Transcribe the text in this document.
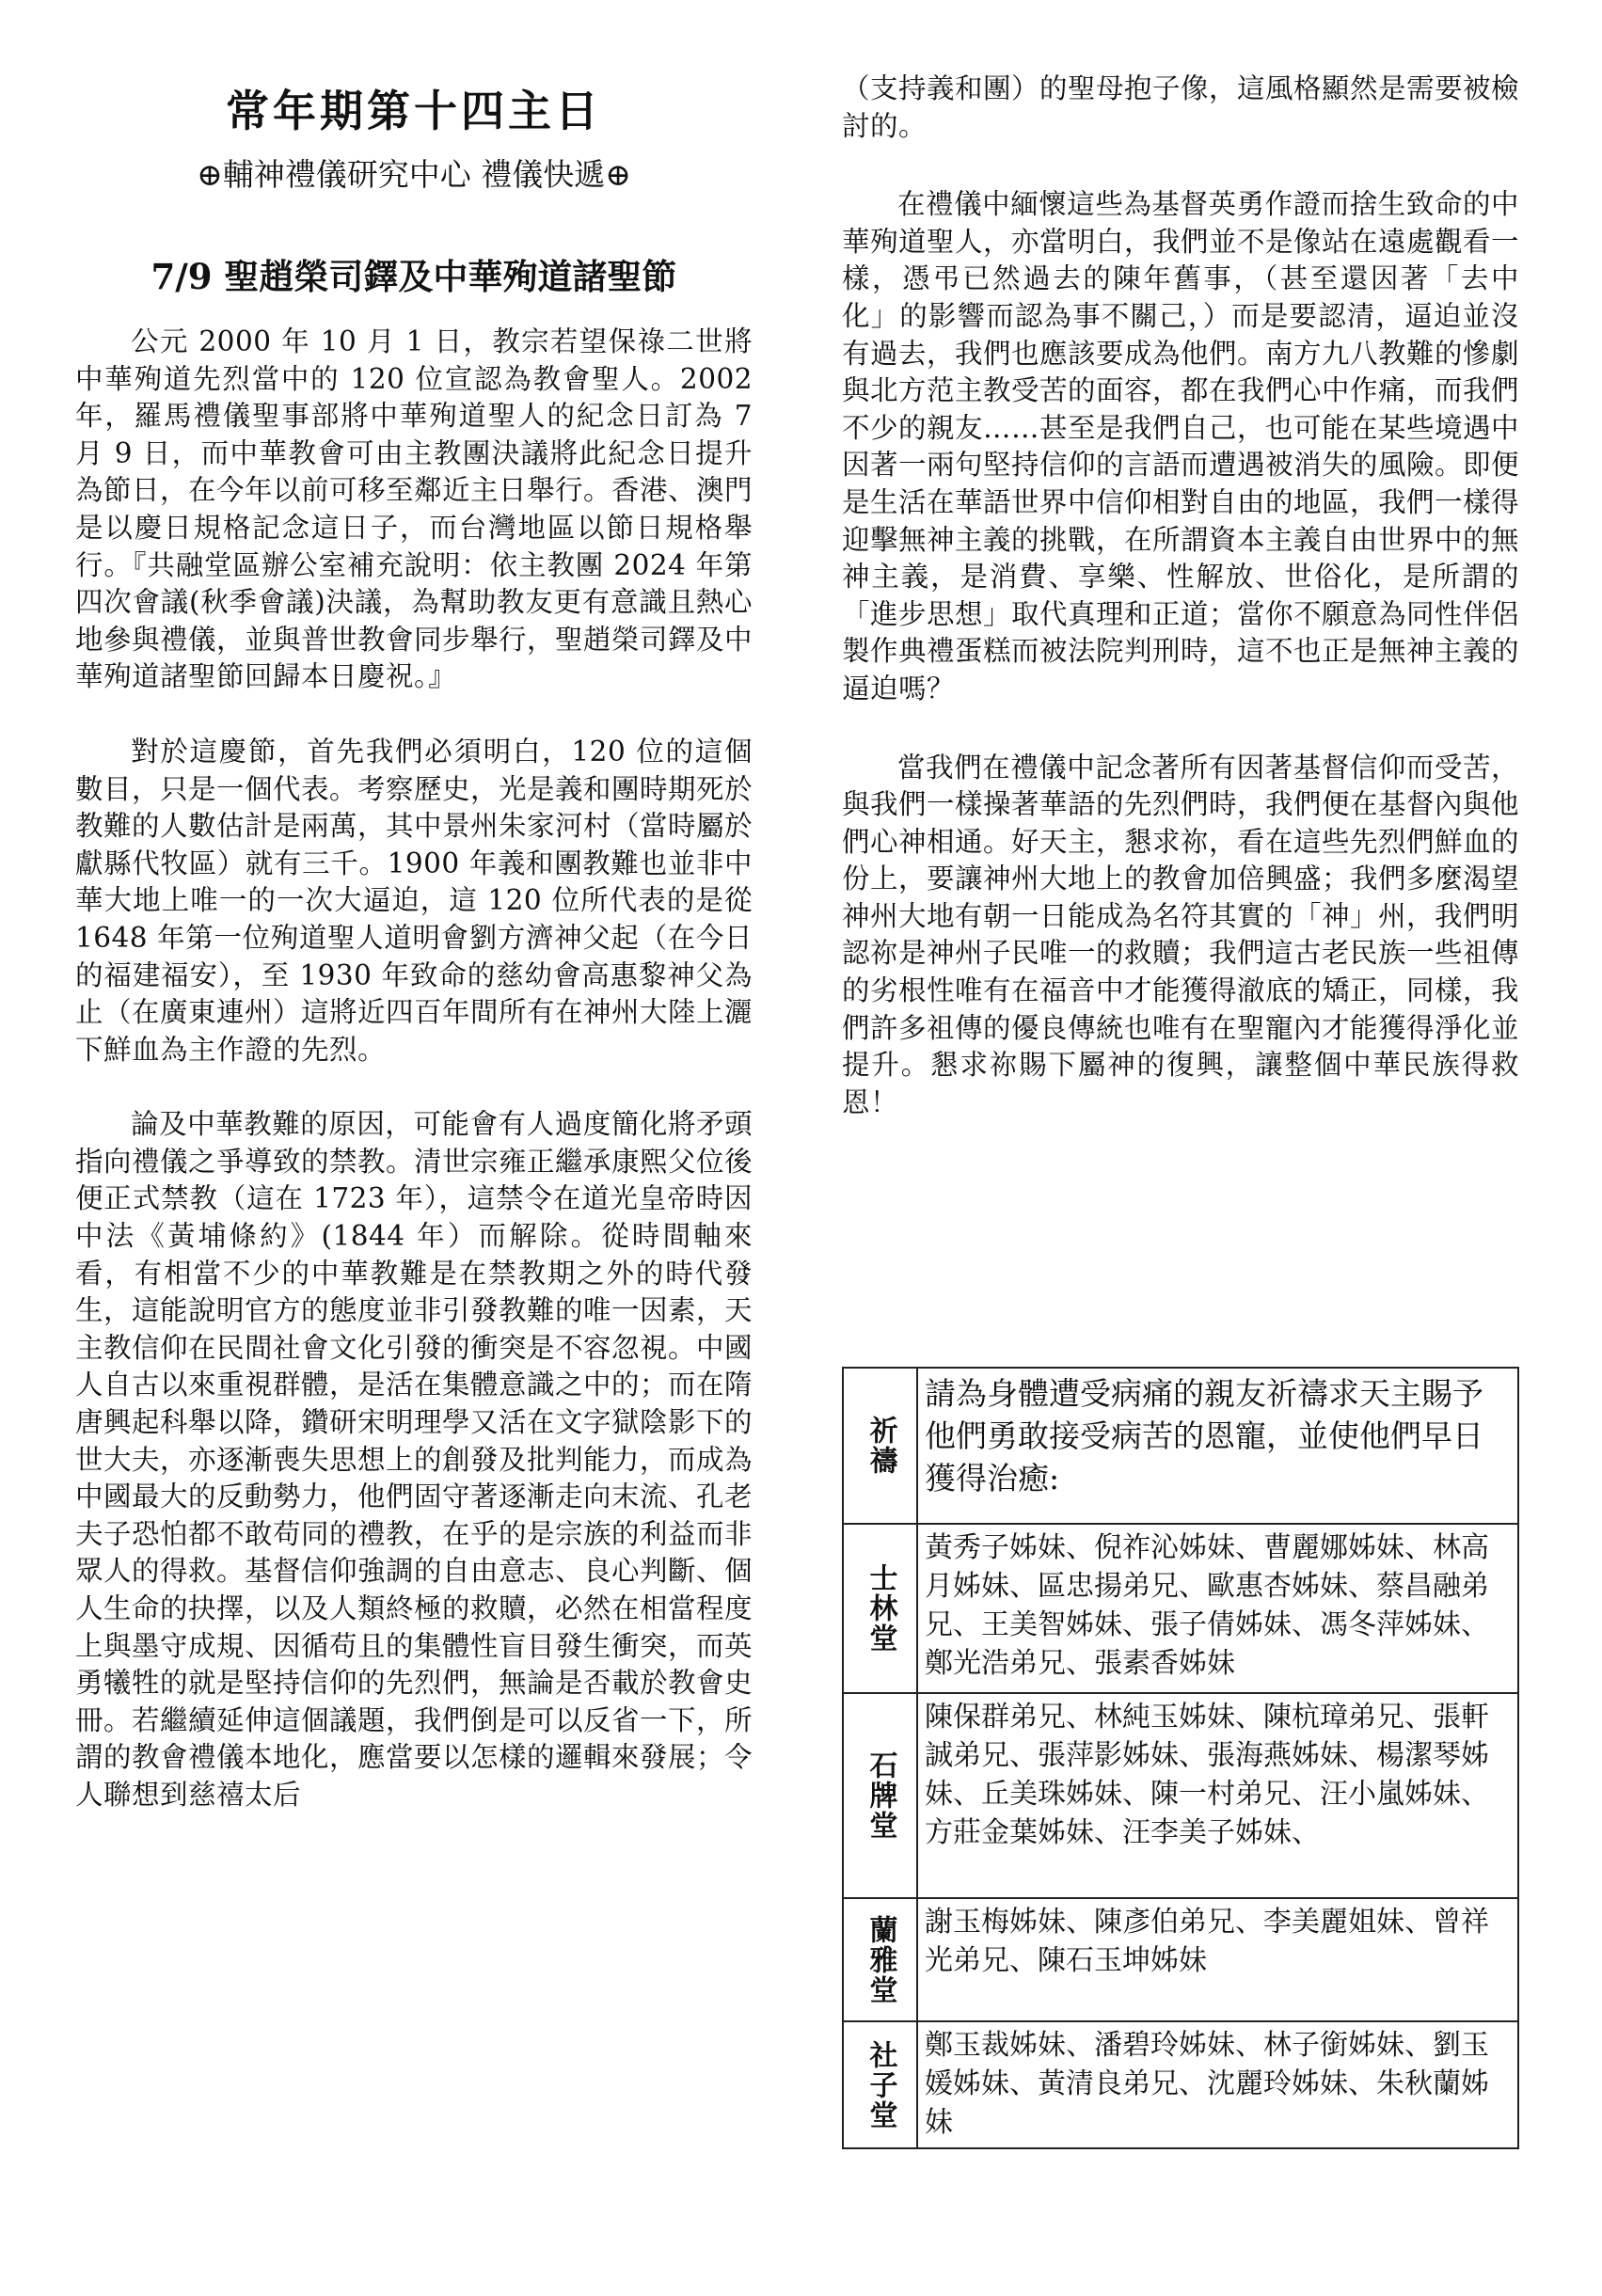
常年期第十四主日
⊕輔神禮儀研究中心 禮儀快遞⊕
7/9 聖趙榮司鐸及中華殉道諸聖節

公元 2000 年 10 月 1 日，教宗若望保祿二世將中華殉道先烈當中的 120 位宣認為教會聖人。2002 年，羅馬禮儀聖事部將中華殉道聖人的紀念日訂為 7 月 9 日，而中華教會可由主教團決議將此紀念日提升為節日，在今年以前可移至鄰近主日舉行。香港、澳門是以慶日規格記念這日子，而台灣地區以節日規格舉行。『共融堂區辦公室補充說明：依主教團 2024 年第四次會議(秋季會議)決議，為幫助教友更有意識且熱心地參與禮儀，並與普世教會同步舉行，聖趙榮司鐸及中華殉道諸聖節回歸本日慶祝。』

對於這慶節，首先我們必須明白，120 位的這個數目，只是一個代表。考察歷史，光是義和團時期死於教難的人數估計是兩萬，其中景州朱家河村（當時屬於獻縣代牧區）就有三千。1900 年義和團教難也並非中華大地上唯一的一次大逼迫，這 120 位所代表的是從 1648 年第一位殉道聖人道明會劉方濟神父起（在今日的福建福安），至 1930 年致命的慈幼會高惠黎神父為止（在廣東連州）這將近四百年間所有在神州大陸上灑下鮮血為主作證的先烈。

論及中華教難的原因，可能會有人過度簡化將矛頭指向禮儀之爭導致的禁教。清世宗雍正繼承康熙父位後便正式禁教（這在 1723 年），這禁令在道光皇帝時因中法《黃埔條約》(1844 年）而解除。從時間軸來看，有相當不少的中華教難是在禁教期之外的時代發生，這能說明官方的態度並非引發教難的唯一因素，天主教信仰在民間社會文化引發的衝突是不容忽視。中國人自古以來重視群體，是活在集體意識之中的；而在隋唐興起科舉以降，鑽研宋明理學又活在文字獄陰影下的世大夫，亦逐漸喪失思想上的創發及批判能力，而成為中國最大的反動勢力，他們固守著逐漸走向末流、孔老夫子恐怕都不敢苟同的禮教，在乎的是宗族的利益而非眾人的得救。基督信仰強調的自由意志、良心判斷、個人生命的抉擇，以及人類終極的救贖，必然在相當程度上與墨守成規、因循苟且的集體性盲目發生衝突，而英勇犧牲的就是堅持信仰的先烈們，無論是否載於教會史冊。若繼續延伸這個議題，我們倒是可以反省一下，所謂的教會禮儀本地化，應當要以怎樣的邏輯來發展；令人聯想到慈禧太后

（支持義和團）的聖母抱子像，這風格顯然是需要被檢討的。

在禮儀中緬懷這些為基督英勇作證而捨生致命的中華殉道聖人，亦當明白，我們並不是像站在遠處觀看一樣，憑弔已然過去的陳年舊事，（甚至還因著「去中化」的影響而認為事不關己，）而是要認清，逼迫並沒有過去，我們也應該要成為他們。南方九八教難的慘劇與北方范主教受苦的面容，都在我們心中作痛，而我們不少的親友……甚至是我們自己，也可能在某些境遇中因著一兩句堅持信仰的言語而遭遇被消失的風險。即便是生活在華語世界中信仰相對自由的地區，我們一樣得迎擊無神主義的挑戰，在所謂資本主義自由世界中的無神主義，是消費、享樂、性解放、世俗化，是所謂的「進步思想」取代真理和正道；當你不願意為同性伴侶製作典禮蛋糕而被法院判刑時，這不也正是無神主義的逼迫嗎？

當我們在禮儀中記念著所有因著基督信仰而受苦，與我們一樣操著華語的先烈們時，我們便在基督內與他們心神相通。好天主，懇求祢，看在這些先烈們鮮血的份上，要讓神州大地上的教會加倍興盛；我們多麼渴望神州大地有朝一日能成為名符其實的「神」州，我們明認祢是神州子民唯一的救贖；我們這古老民族一些祖傳的劣根性唯有在福音中才能獲得澈底的矯正，同樣，我們許多祖傳的優良傳統也唯有在聖寵內才能獲得淨化並提升。懇求祢賜下屬神的復興，讓整個中華民族得救恩！

祈禱
請為身體遭受病痛的親友祈禱求天主賜予他們勇敢接受病苦的恩寵，並使他們早日獲得治癒:
士林堂
黃秀子姊妹、倪祚沁姊妹、曹麗娜姊妹、林高月姊妹、區忠揚弟兄、歐惠杏姊妹、蔡昌融弟兄、王美智姊妹、張子倩姊妹、馮冬萍姊妹、鄭光浩弟兄、張素香姊妹
石牌堂
陳保群弟兄、林純玉姊妹、陳杭璋弟兄、張軒誠弟兄、張萍影姊妹、張海燕姊妹、楊潔琴姊妹、丘美珠姊妹、陳一村弟兄、汪小嵐姊妹、方莊金葉姊妹、汪李美子姊妹、
蘭雅堂 謝玉梅姊妹、陳彥伯弟兄、李美麗姐妹、曾祥光弟兄、陳石玉坤姊妹
社子堂 鄭玉裁姊妹、潘碧玲姊妹、林子銜姊妹、劉玉媛姊妹、黃清良弟兄、沈麗玲姊妹、朱秋蘭姊妹
